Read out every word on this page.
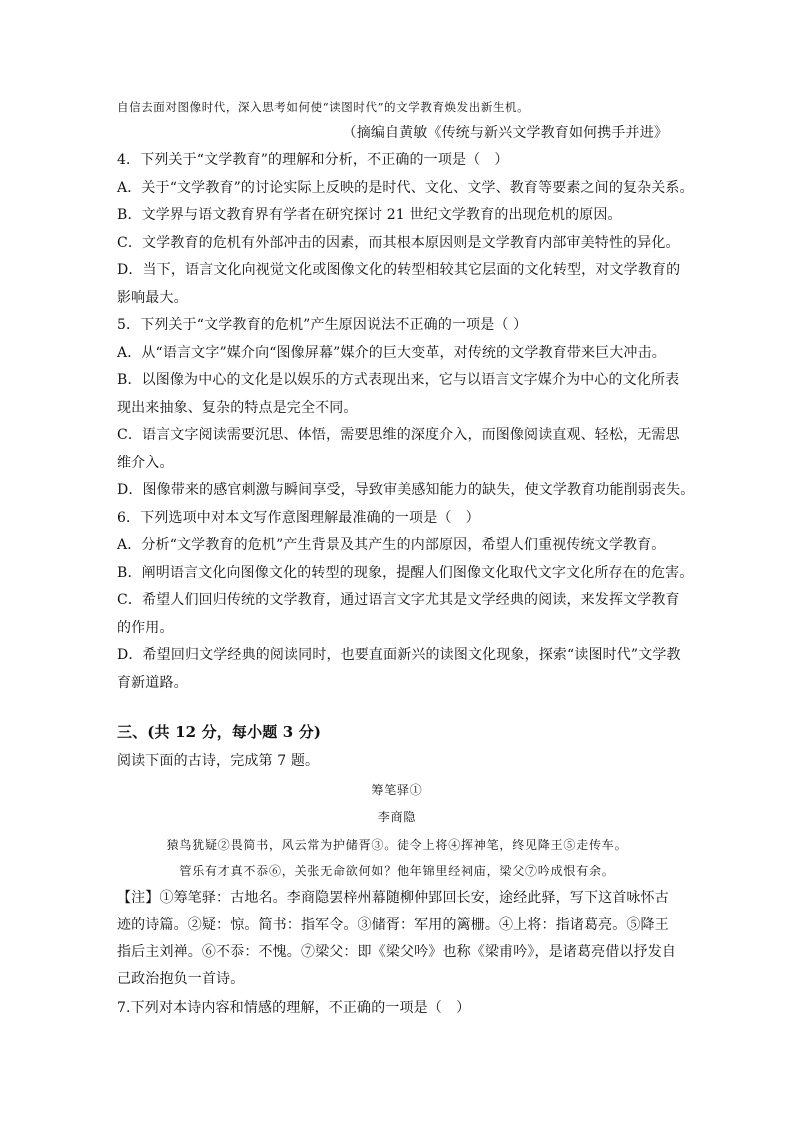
自信去面对图像时代，深入思考如何使“读图时代”的文学教育焕发出新生机。
（摘编自黄敏《传统与新兴文学教育如何携手并进》
4．下列关于“文学教育”的理解和分析，不正确的一项是（　）
A．关于“文学教育”的讨论实际上反映的是时代、文化、文学、教育等要素之间的复杂关系。
B．文学界与语文教育界有学者在研究探讨 21 世纪文学教育的出现危机的原因。
C．文学教育的危机有外部冲击的因素，而其根本原因则是文学教育内部审美特性的异化。
D．当下，语言文化向视觉文化或图像文化的转型相较其它层面的文化转型，对文学教育的
影响最大。
5．下列关于“文学教育的危机”产生原因说法不正确的一项是（ ）
A．从“语言文字”媒介向“图像屏幕”媒介的巨大变革，对传统的文学教育带来巨大冲击。
B．以图像为中心的文化是以娱乐的方式表现出来，它与以语言文字媒介为中心的文化所表
现出来抽象、复杂的特点是完全不同。
C．语言文字阅读需要沉思、体悟，需要思维的深度介入，而图像阅读直观、轻松，无需思
维介入。
D．图像带来的感官刺激与瞬间享受，导致审美感知能力的缺失，使文学教育功能削弱丧失。
6．下列选项中对本文写作意图理解最准确的一项是（　）
A．分析“文学教育的危机”产生背景及其产生的内部原因，希望人们重视传统文学教育。
B．阐明语言文化向图像文化的转型的现象，提醒人们图像文化取代文字文化所存在的危害。
C．希望人们回归传统的文学教育，通过语言文字尤其是文学经典的阅读，来发挥文学教育
的作用。
D．希望回归文学经典的阅读同时，也要直面新兴的读图文化现象，探索“读图时代”文学教
育新道路。
三、(共 12 分，每小题 3 分)
阅读下面的古诗，完成第 7 题。
筹笔驿①
李商隐
猿鸟犹疑②畏简书，风云常为护储胥③。徒令上将④挥神笔，终见降王⑤走传车。
管乐有才真不忝⑥，关张无命欲何如？他年锦里经祠庙，梁父⑦吟成恨有余。
【注】①筹笔驿：古地名。李商隐罢梓州幕随柳仲郢回长安，途经此驿，写下这首咏怀古
迹的诗篇。②疑：惊。简书：指军令。③储胥：军用的篱栅。④上将：指诸葛亮。⑤降王
指后主刘禅。⑥不忝：不愧。⑦梁父：即《梁父吟》也称《梁甫吟》，是诸葛亮借以抒发自
己政治抱负一首诗。
7.下列对本诗内容和情感的理解，不正确的一项是（　）
